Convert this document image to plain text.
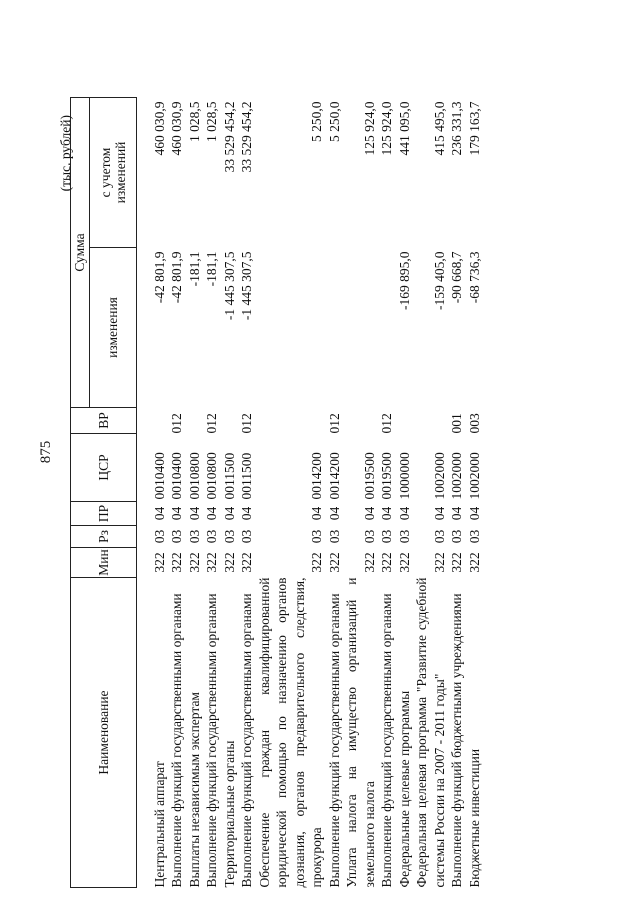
875
(тыс. рублей)
Наименование	Мин	Рз	ПР	ЦСР	ВР	Сумма	
						изменения	с учетом
изменений

Центральный аппарат	322	03	04	0010400		-42 801,9	460 030,9

Выполнение функций государственными органами	322	03	04	0010400	012	-42 801,9	460 030,9

Выплаты независимым экспертам	322	03	04	0010800		-181,1	1 028,5

Выполнение функций государственными органами	322	03	04	0010800	012	-181,1	1 028,5

Территориальные органы	322	03	04	0011500		-1 445 307,5	33 529 454,2

Выполнение функций государственными органами	322	03	04	0011500	012	-1 445 307,5	33 529 454,2

Обеспечение граждан квалифицированной юридической помощью по назначению органов дознания, органов предварительного следствия, прокурора	322	03	04	0014200			5 250,0

Выполнение функций государственными органами	322	03	04	0014200	012		5 250,0

Уплата налога на имущество организаций и земельного налога	322	03	04	0019500			125 924,0

Выполнение функций государственными органами	322	03	04	0019500	012		125 924,0

Федеральные целевые программы	322	03	04	1000000		-169 895,0	441 095,0

Федеральная целевая программа "Развитие судебной системы России на 2007 - 2011 годы"	322	03	04	1002000		-159 405,0	415 495,0

Выполнение функций бюджетными учреждениями	322	03	04	1002000	001	-90 668,7	236 331,3

Бюджетные инвестиции	322	03	04	1002000	003	-68 736,3	179 163,7
